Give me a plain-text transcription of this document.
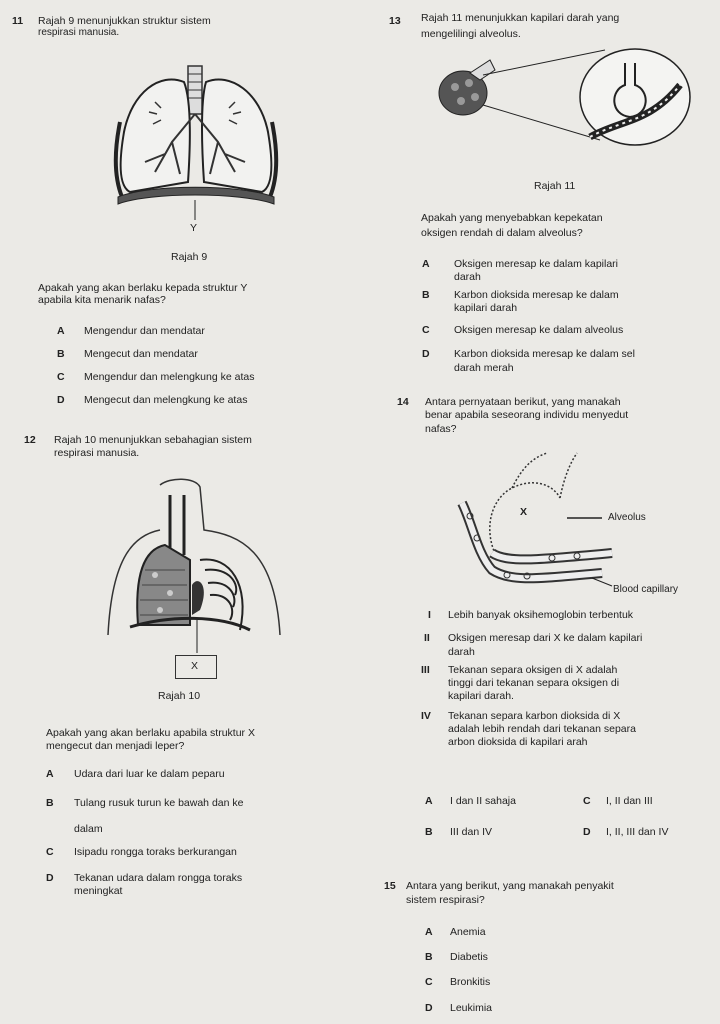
11 Rajah 9 menunjukkan struktur sistem
respirasi manusia.
Y
Rajah 9
Apakah yang akan berlaku kepada struktur Y
apabila kita menarik nafas?
A Mengendur dan mendatar
B Mengecut dan mendatar
C Mengendur dan melengkung ke atas
D Mengecut dan melengkung ke atas
12 Rajah 10 menunjukkan sebahagian sistem
respirasi manusia.
X
Rajah 10
Apakah yang akan berlaku apabila struktur X
mengecut dan menjadi leper?
A Udara dari luar ke dalam peparu
B Tulang rusuk turun ke bawah dan ke
dalam
C Isipadu rongga toraks berkurangan
D Tekanan udara dalam rongga toraks
meningkat
13 Rajah 11 menunjukkan kapilari darah yang
mengelilingi alveolus.
Rajah 11
Apakah yang menyebabkan kepekatan
oksigen rendah di dalam alveolus?
A Oksigen meresap ke dalam kapilari
darah
B Karbon dioksida meresap ke dalam
kapilari darah
C Oksigen meresap ke dalam alveolus
D Karbon dioksida meresap ke dalam sel
darah merah
14 Antara pernyataan berikut, yang manakah
benar apabila seseorang individu menyedut
nafas?
X	Alveolus
Blood capillary
I Lebih banyak oksihemoglobin terbentuk
II Oksigen meresap dari X ke dalam kapilari
darah
III Tekanan separa oksigen di X adalah
tinggi dari tekanan separa oksigen di
kapilari darah.
IV Tekanan separa karbon dioksida di X
adalah lebih rendah dari tekanan separa
arbon dioksida di kapilari arah
A I dan II sahaja	C I, II dan III
B III dan IV	D I, II, III dan IV
15 Antara yang berikut, yang manakah penyakit
sistem respirasi?
A Anemia
B Diabetis
C Bronkitis
D Leukimia
